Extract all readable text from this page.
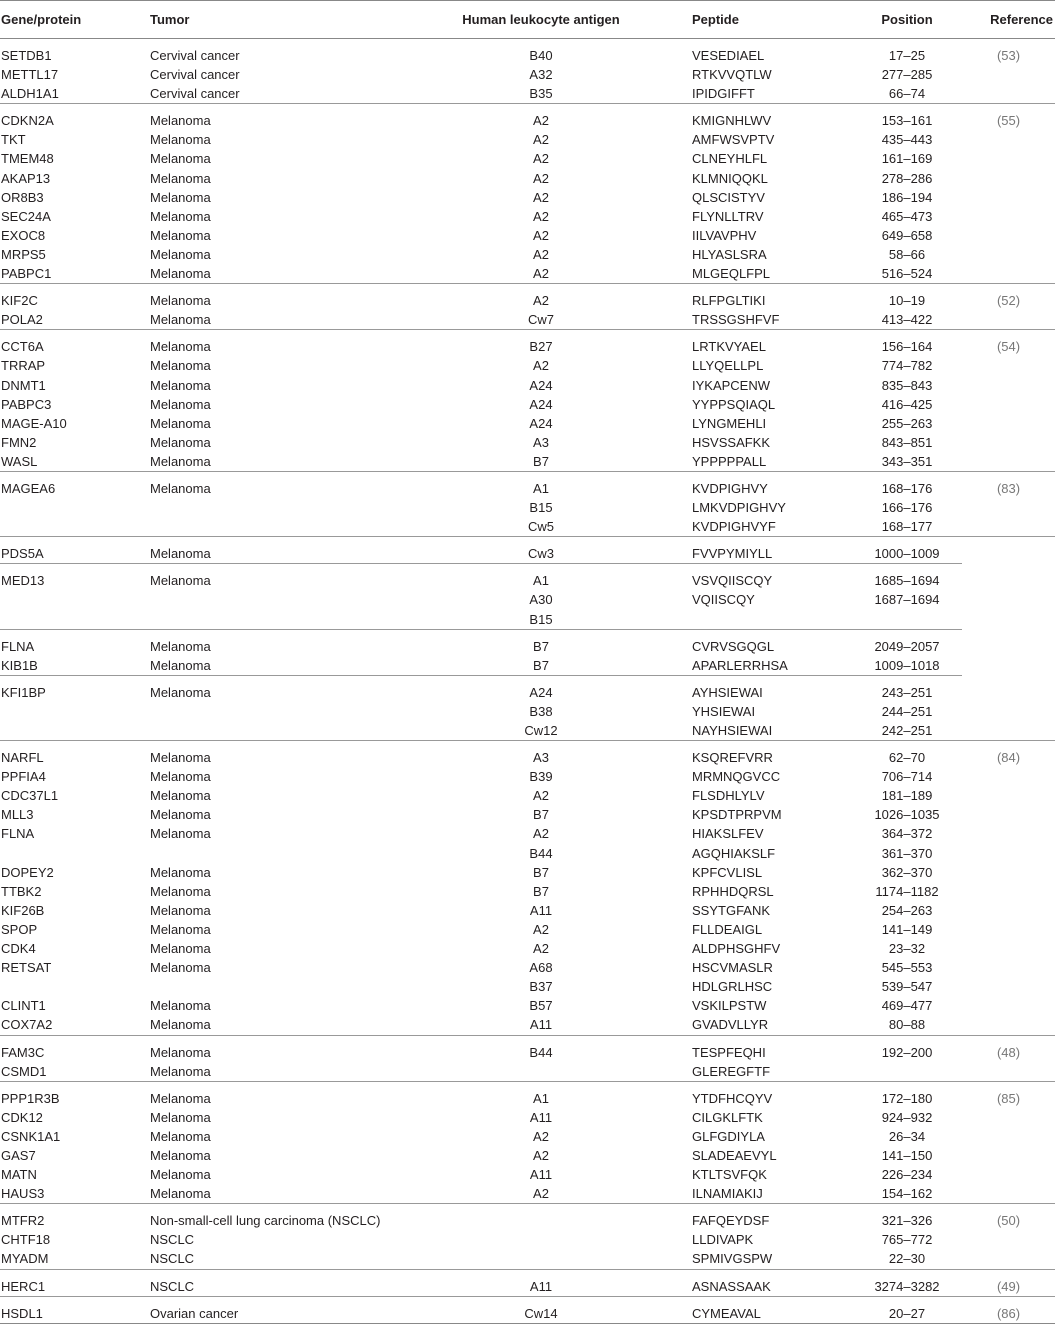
Gene/protein	Tumor	Human leukocyte antigen	Peptide	Position	Reference
SETDB1	Cervival cancer	B40	VESEDIAEL	17–25	(53)
METTL17	Cervival cancer	A32	RTKVVQTLW	277–285	
ALDH1A1	Cervival cancer	B35	IPIDGIFFT	66–74	
CDKN2A	Melanoma	A2	KMIGNHLWV	153–161	(55)
TKT	Melanoma	A2	AMFWSVPTV	435–443	
TMEM48	Melanoma	A2	CLNEYHLFL	161–169	
AKAP13	Melanoma	A2	KLMNIQQKL	278–286	
OR8B3	Melanoma	A2	QLSCISTYV	186–194	
SEC24A	Melanoma	A2	FLYNLLTRV	465–473	
EXOC8	Melanoma	A2	IILVAVPHV	649–658	
MRPS5	Melanoma	A2	HLYASLSRA	58–66	
PABPC1	Melanoma	A2	MLGEQLFPL	516–524	
KIF2C	Melanoma	A2	RLFPGLTIKI	10–19	(52)
POLA2	Melanoma	Cw7	TRSSGSHFVF	413–422	
CCT6A	Melanoma	B27	LRTKVYAEL	156–164	(54)
TRRAP	Melanoma	A2	LLYQELLPL	774–782	
DNMT1	Melanoma	A24	IYKAPCENW	835–843	
PABPC3	Melanoma	A24	YYPPSQIAQL	416–425	
MAGE-A10	Melanoma	A24	LYNGMEHLI	255–263	
FMN2	Melanoma	A3	HSVSSAFKK	843–851	
WASL	Melanoma	B7	YPPPPPALL	343–351	
MAGEA6	Melanoma	A1	KVDPIGHVY	168–176	(83)
		B15	LMKVDPIGHVY	166–176	
		Cw5	KVDPIGHVYF	168–177	
PDS5A	Melanoma	Cw3	FVVPYMIYLL	1000–1009	
MED13	Melanoma	A1	VSVQIISCQY	1685–1694	
		A30	VQIISCQY	1687–1694	
		B15			
FLNA	Melanoma	B7	CVRVSGQGL	2049–2057	
KIB1B	Melanoma	B7	APARLERRHSA	1009–1018	
KFI1BP	Melanoma	A24	AYHSIEWAI	243–251	
		B38	YHSIEWAI	244–251	
		Cw12	NAYHSIEWAI	242–251	
NARFL	Melanoma	A3	KSQREFVRR	62–70	(84)
PPFIA4	Melanoma	B39	MRMNQGVCC	706–714	
CDC37L1	Melanoma	A2	FLSDHLYLV	181–189	
MLL3	Melanoma	B7	KPSDTPRPVM	1026–1035	
FLNA	Melanoma	A2	HIAKSLFEV	364–372	
		B44	AGQHIAKSLF	361–370	
DOPEY2	Melanoma	B7	KPFCVLISL	362–370	
TTBK2	Melanoma	B7	RPHHDQRSL	1174–1182	
KIF26B	Melanoma	A11	SSYTGFANK	254–263	
SPOP	Melanoma	A2	FLLDEAIGL	141–149	
CDK4	Melanoma	A2	ALDPHSGHFV	23–32	
RETSAT	Melanoma	A68	HSCVMASLR	545–553	
		B37	HDLGRLHSC	539–547	
CLINT1	Melanoma	B57	VSKILPSTW	469–477	
COX7A2	Melanoma	A11	GVADVLLYR	80–88	
FAM3C	Melanoma	B44	TESPFEQHI	192–200	(48)
CSMD1	Melanoma		GLEREGFTF		
PPP1R3B	Melanoma	A1	YTDFHCQYV	172–180	(85)
CDK12	Melanoma	A11	CILGKLFTK	924–932	
CSNK1A1	Melanoma	A2	GLFGDIYLA	26–34	
GAS7	Melanoma	A2	SLADEAEVYL	141–150	
MATN	Melanoma	A11	KTLTSVFQK	226–234	
HAUS3	Melanoma	A2	ILNAMIAKIJ	154–162	
MTFR2	Non-small-cell lung carcinoma (NSCLC)		FAFQEYDSF	321–326	(50)
CHTF18	NSCLC		LLDIVAPK	765–772	
MYADM	NSCLC		SPMIVGSPW	22–30	
HERC1	NSCLC	A11	ASNASSAAK	3274–3282	(49)
HSDL1	Ovarian cancer	Cw14	CYMEAVAL	20–27	(86)
